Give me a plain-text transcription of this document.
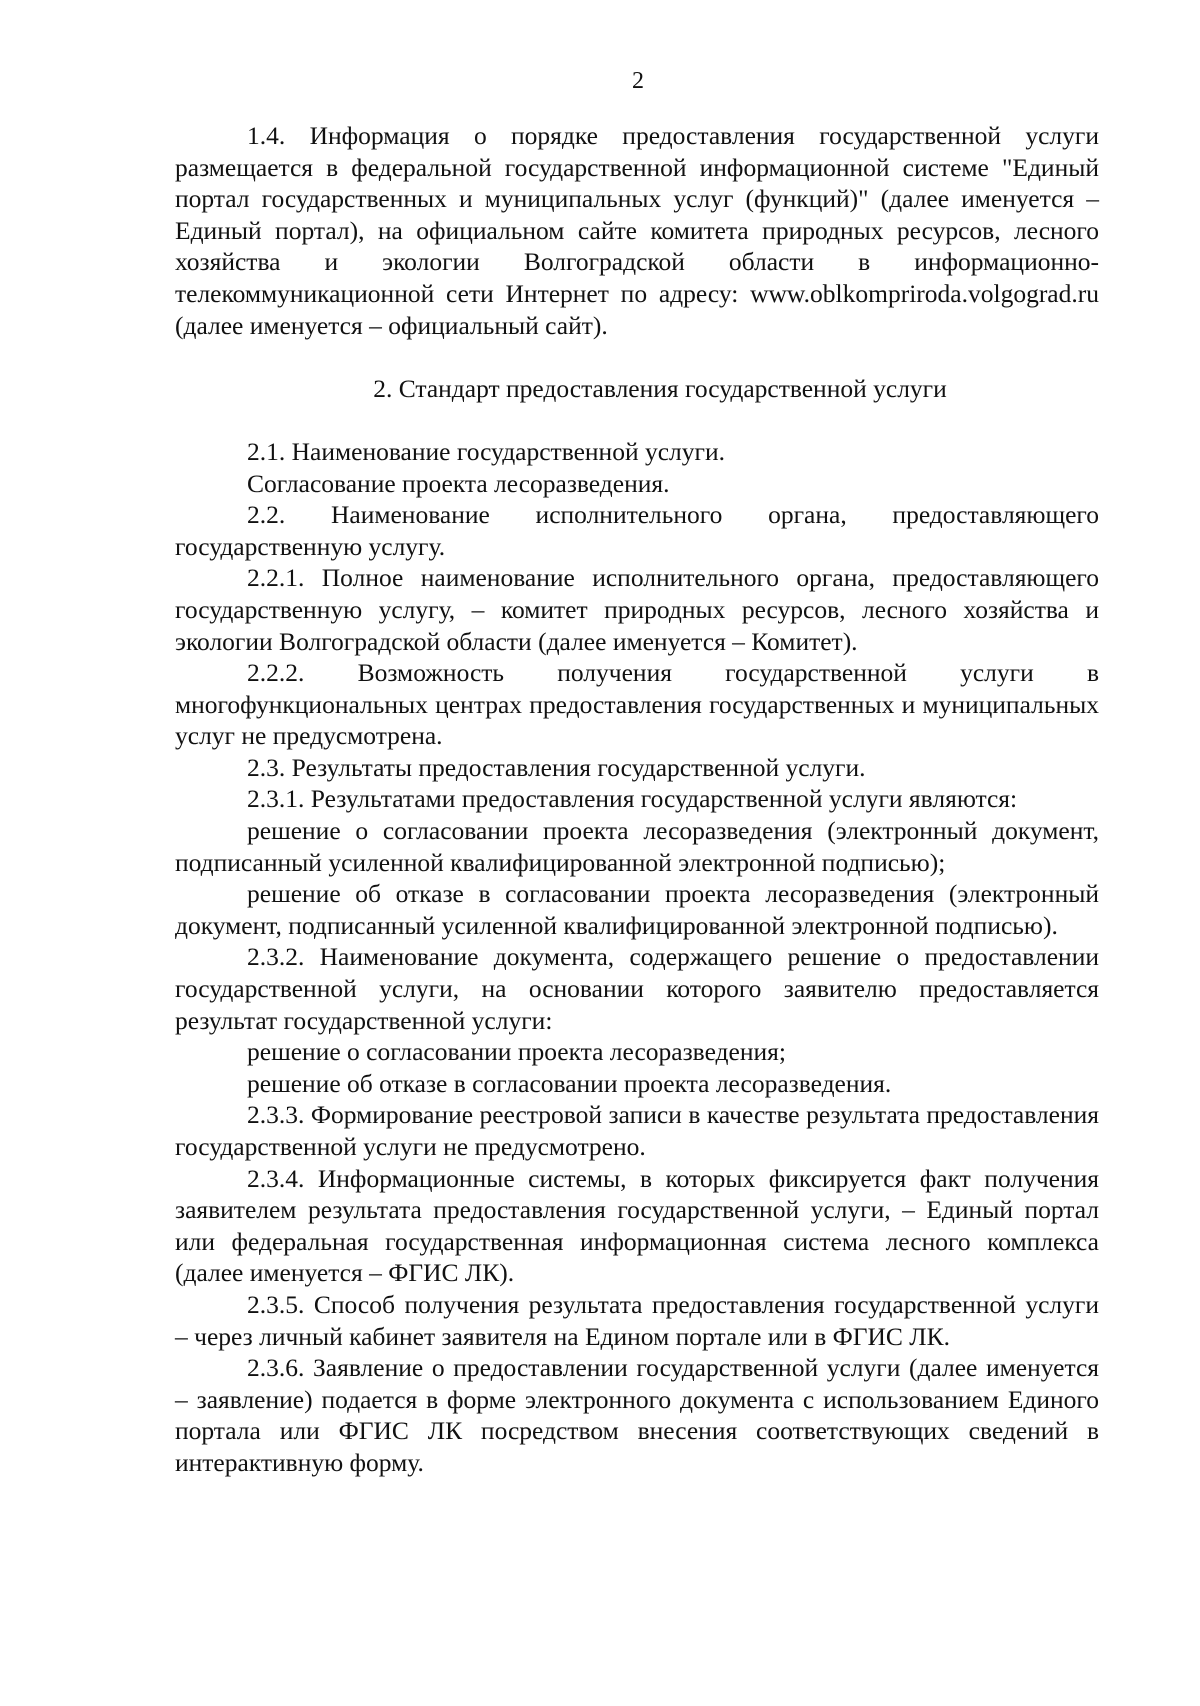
2

1.4. Информация о порядке предоставления государственной услуги размещается в федеральной государственной информационной системе "Единый портал государственных и муниципальных услуг (функций)" (далее именуется – Единый портал), на официальном сайте комитета природных ресурсов, лесного хозяйства и экологии Волгоградской области в информационно-телекоммуникационной сети Интернет по адресу: www.oblkompriroda.volgograd.ru (далее именуется – официальный сайт).

2. Стандарт предоставления государственной услуги

2.1. Наименование государственной услуги.

Согласование проекта лесоразведения.

2.2. Наименование исполнительного органа, предоставляющего государственную услугу.

2.2.1. Полное наименование исполнительного органа, предоставляющего государственную услугу, – комитет природных ресурсов, лесного хозяйства и экологии Волгоградской области (далее именуется – Комитет).

2.2.2. Возможность получения государственной услуги в многофункциональных центрах предоставления государственных и муниципальных услуг не предусмотрена.

2.3. Результаты предоставления государственной услуги.

2.3.1. Результатами предоставления государственной услуги являются:

решение о согласовании проекта лесоразведения (электронный документ, подписанный усиленной квалифицированной электронной подписью);

решение об отказе в согласовании проекта лесоразведения (электронный документ, подписанный усиленной квалифицированной электронной подписью).

2.3.2. Наименование документа, содержащего решение о предоставлении государственной услуги, на основании которого заявителю предоставляется результат государственной услуги:

решение о согласовании проекта лесоразведения;

решение об отказе в согласовании проекта лесоразведения.

2.3.3. Формирование реестровой записи в качестве результата предоставления государственной услуги не предусмотрено.

2.3.4. Информационные системы, в которых фиксируется факт получения заявителем результата предоставления государственной услуги, – Единый портал или федеральная государственная информационная система лесного комплекса (далее именуется – ФГИС ЛК).

2.3.5. Способ получения результата предоставления государственной услуги – через личный кабинет заявителя на Едином портале или в ФГИС ЛК.

2.3.6. Заявление о предоставлении государственной услуги (далее именуется – заявление) подается в форме электронного документа с использованием Единого портала или ФГИС ЛК посредством внесения соответствующих сведений в интерактивную форму.
